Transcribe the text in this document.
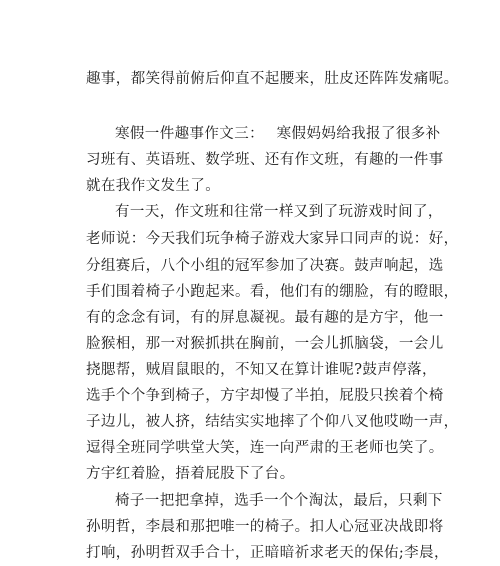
趣事，都笑得前俯后仰直不起腰来，肚皮还阵阵发痛呢。
寒假一件趣事作文三：　 寒假妈妈给我报了很多补
习班有、英语班、数学班、还有作文班，有趣的一件事
就在我作文发生了。
有一天，作文班和往常一样又到了玩游戏时间了，
老师说：今天我们玩争椅子游戏大家异口同声的说：好，
分组赛后，八个小组的冠军参加了决赛。鼓声响起，选
手们围着椅子小跑起来。看，他们有的绷脸，有的瞪眼，
有的念念有词，有的屏息凝视。最有趣的是方宇，他一
脸猴相，那一对猴抓拱在胸前，一会儿抓脑袋，一会儿
挠腮帮，贼眉鼠眼的，不知又在算计谁呢?鼓声停落，
选手个个争到椅子，方宇却慢了半拍，屁股只挨着个椅
子边儿，被人挤，结结实实地摔了个仰八叉他哎呦一声，
逗得全班同学哄堂大笑，连一向严肃的王老师也笑了。
方宇红着脸，捂着屁股下了台。
椅子一把把拿掉，选手一个个淘汰，最后，只剩下
孙明哲，李晨和那把唯一的椅子。扣人心冠亚决战即将
打响，孙明哲双手合十，正暗暗祈求老天的保佑;李晨，
